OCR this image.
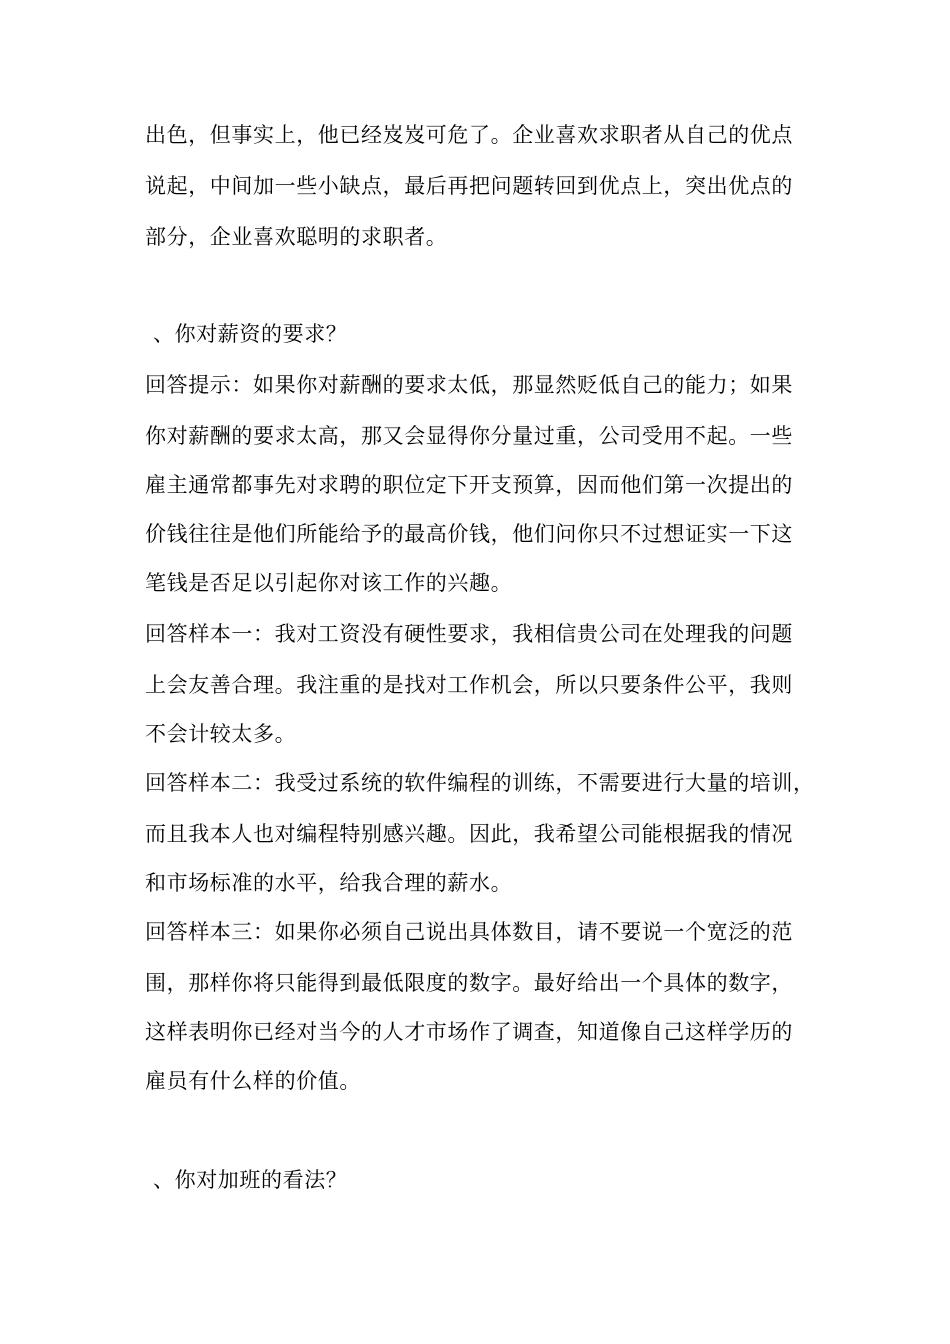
出色，但事实上，他已经岌岌可危了。企业喜欢求职者从自己的优点
说起，中间加一些小缺点，最后再把问题转回到优点上，突出优点的
部分，企业喜欢聪明的求职者。
、你对薪资的要求？
回答提示：如果你对薪酬的要求太低，那显然贬低自己的能力；如果
你对薪酬的要求太高，那又会显得你分量过重，公司受用不起。一些
雇主通常都事先对求聘的职位定下开支预算，因而他们第一次提出的
价钱往往是他们所能给予的最高价钱，他们问你只不过想证实一下这
笔钱是否足以引起你对该工作的兴趣。
回答样本一：我对工资没有硬性要求，我相信贵公司在处理我的问题
上会友善合理。我注重的是找对工作机会，所以只要条件公平，我则
不会计较太多。
回答样本二：我受过系统的软件编程的训练，不需要进行大量的培训，
而且我本人也对编程特别感兴趣。因此，我希望公司能根据我的情况
和市场标准的水平，给我合理的薪水。
回答样本三：如果你必须自己说出具体数目，请不要说一个宽泛的范
围，那样你将只能得到最低限度的数字。最好给出一个具体的数字，
这样表明你已经对当今的人才市场作了调查，知道像自己这样学历的
雇员有什么样的价值。
、你对加班的看法？
